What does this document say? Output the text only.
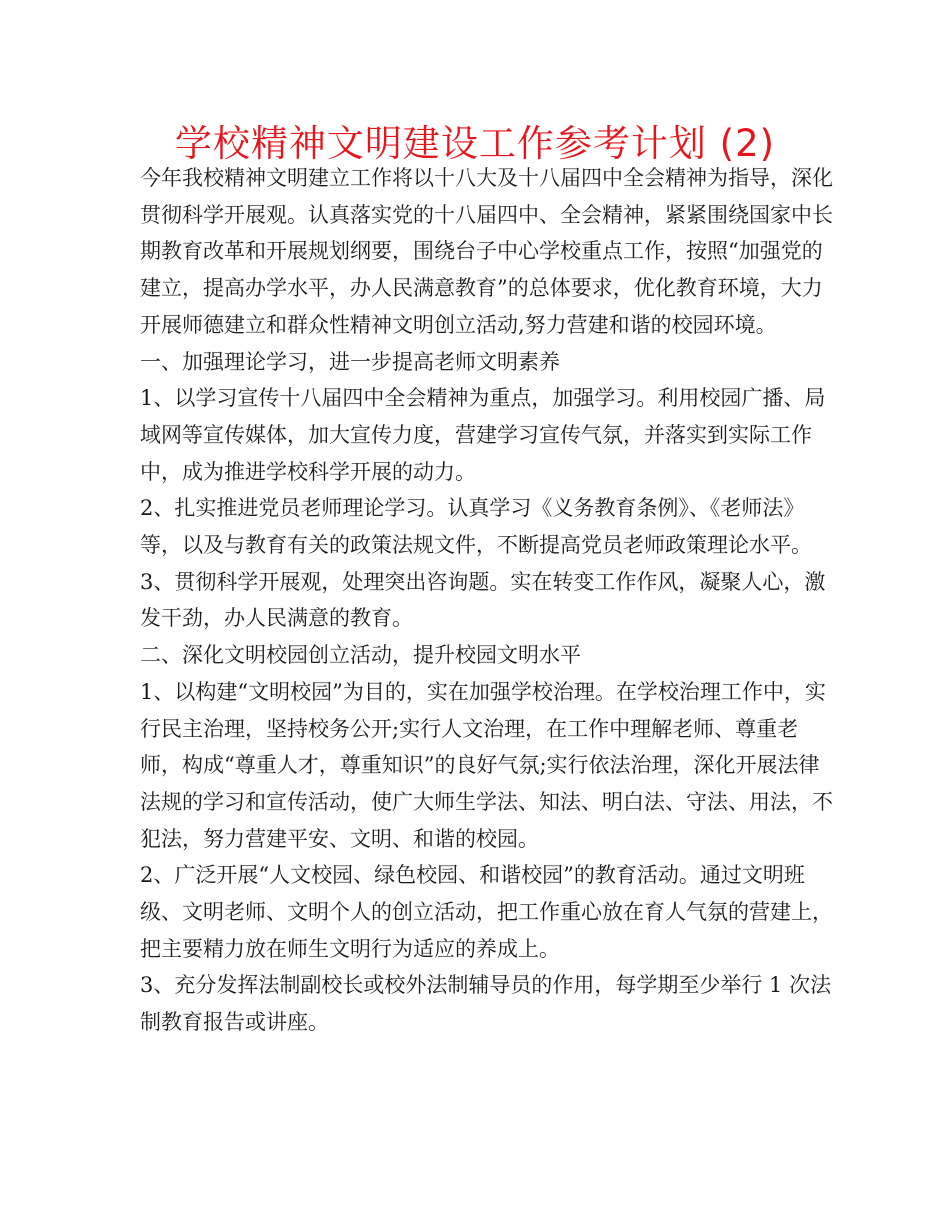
学校精神文明建设工作参考计划 (2)

今年我校精神文明建立工作将以十八大及十八届四中全会精神为指导，深化贯彻科学开展观。认真落实党的十八届四中、全会精神，紧紧围绕国家中长期教育改革和开展规划纲要，围绕台子中心学校重点工作，按照“加强党的建立，提高办学水平，办人民满意教育”的总体要求，优化教育环境，大力开展师德建立和群众性精神文明创立活动,努力营建和谐的校园环境。

一、加强理论学习，进一步提高老师文明素养

1、以学习宣传十八届四中全会精神为重点，加强学习。利用校园广播、局域网等宣传媒体，加大宣传力度，营建学习宣传气氛，并落实到实际工作中，成为推进学校科学开展的动力。

2、扎实推进党员老师理论学习。认真学习《义务教育条例》、《老师法》等，以及与教育有关的政策法规文件，不断提高党员老师政策理论水平。

3、贯彻科学开展观，处理突出咨询题。实在转变工作作风，凝聚人心，激发干劲，办人民满意的教育。

二、深化文明校园创立活动，提升校园文明水平

1、以构建“文明校园”为目的，实在加强学校治理。在学校治理工作中，实行民主治理，坚持校务公开;实行人文治理，在工作中理解老师、尊重老师，构成“尊重人才，尊重知识”的良好气氛;实行依法治理，深化开展法律法规的学习和宣传活动，使广大师生学法、知法、明白法、守法、用法，不犯法，努力营建平安、文明、和谐的校园。

2、广泛开展“人文校园、绿色校园、和谐校园”的教育活动。通过文明班级、文明老师、文明个人的创立活动，把工作重心放在育人气氛的营建上，把主要精力放在师生文明行为适应的养成上。

3、充分发挥法制副校长或校外法制辅导员的作用，每学期至少举行 1 次法制教育报告或讲座。
